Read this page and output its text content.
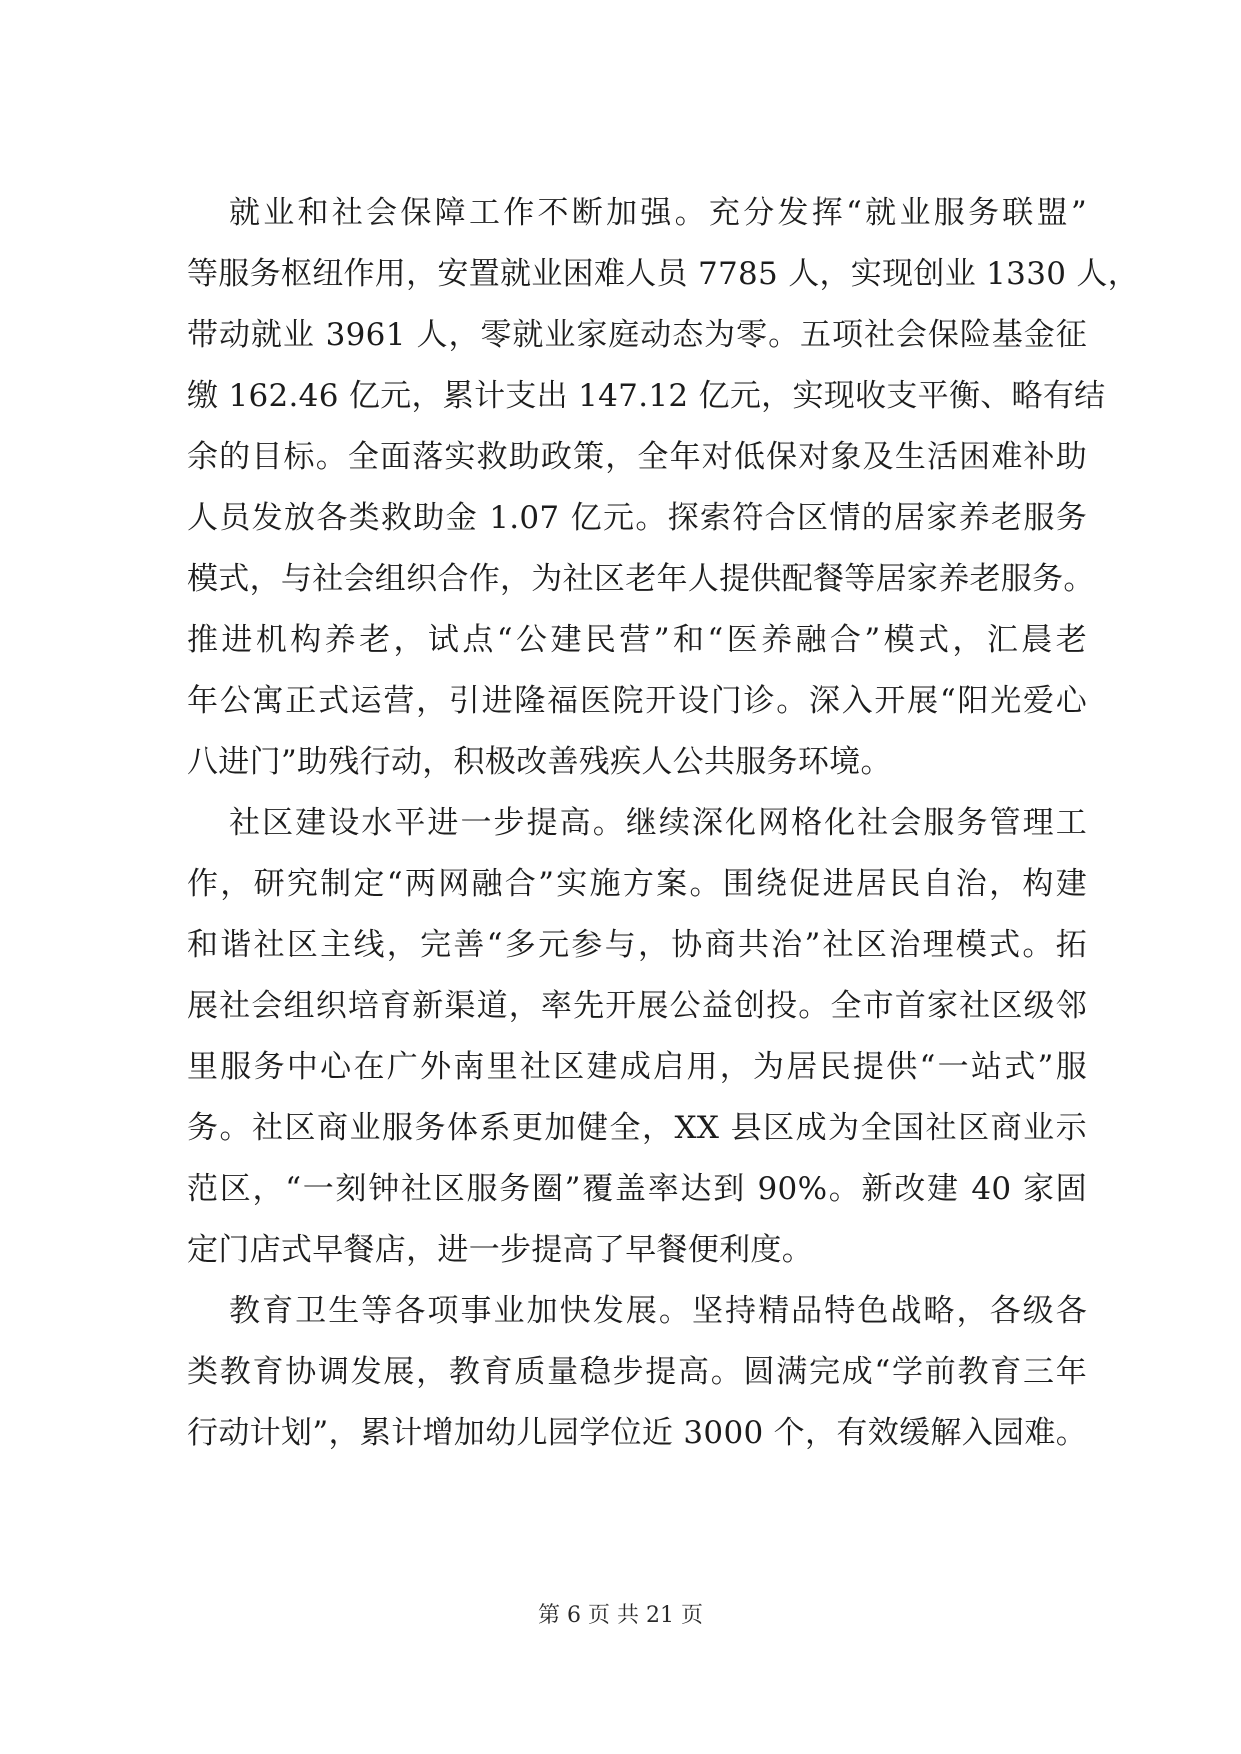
就业和社会保障工作不断加强。充分发挥“就业服务联盟”
等服务枢纽作用，安置就业困难人员 7785 人，实现创业 1330 人，
带动就业 3961 人，零就业家庭动态为零。五项社会保险基金征
缴 162.46 亿元，累计支出 147.12 亿元，实现收支平衡、略有结
余的目标。全面落实救助政策，全年对低保对象及生活困难补助
人员发放各类救助金 1.07 亿元。探索符合区情的居家养老服务
模式，与社会组织合作，为社区老年人提供配餐等居家养老服务。
推进机构养老，试点“公建民营”和“医养融合”模式，汇晨老
年公寓正式运营，引进隆福医院开设门诊。深入开展“阳光爱心
八进门”助残行动，积极改善残疾人公共服务环境。
社区建设水平进一步提高。继续深化网格化社会服务管理工
作，研究制定“两网融合”实施方案。围绕促进居民自治，构建
和谐社区主线，完善“多元参与，协商共治”社区治理模式。拓
展社会组织培育新渠道，率先开展公益创投。全市首家社区级邻
里服务中心在广外南里社区建成启用，为居民提供“一站式”服
务。社区商业服务体系更加健全，XX 县区成为全国社区商业示
范区，“一刻钟社区服务圈”覆盖率达到 90%。新改建 40 家固
定门店式早餐店，进一步提高了早餐便利度。
教育卫生等各项事业加快发展。坚持精品特色战略，各级各
类教育协调发展，教育质量稳步提高。圆满完成“学前教育三年
行动计划”，累计增加幼儿园学位近 3000 个，有效缓解入园难。
第 6 页 共 21 页
